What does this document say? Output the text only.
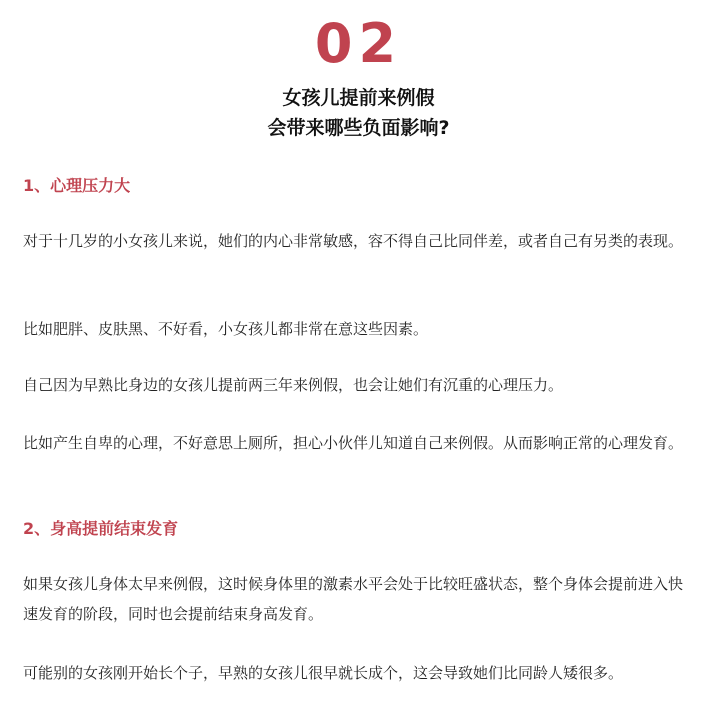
02
女孩儿提前来例假
会带来哪些负面影响?
1、心理压力大

对于十几岁的小女孩儿来说，她们的内心非常敏感，容不得自己比同伴差，或者自己有另类的表现。

比如肥胖、皮肤黑、不好看，小女孩儿都非常在意这些因素。

自己因为早熟比身边的女孩儿提前两三年来例假，也会让她们有沉重的心理压力。

比如产生自卑的心理，不好意思上厕所，担心小伙伴儿知道自己来例假。从而影响正常的心理发育。

2、身高提前结束发育

如果女孩儿身体太早来例假，这时候身体里的激素水平会处于比较旺盛状态，整个身体会提前进入快速发育的阶段，同时也会提前结束身高发育。

可能别的女孩刚开始长个子，早熟的女孩儿很早就长成个，这会导致她们比同龄人矮很多。
